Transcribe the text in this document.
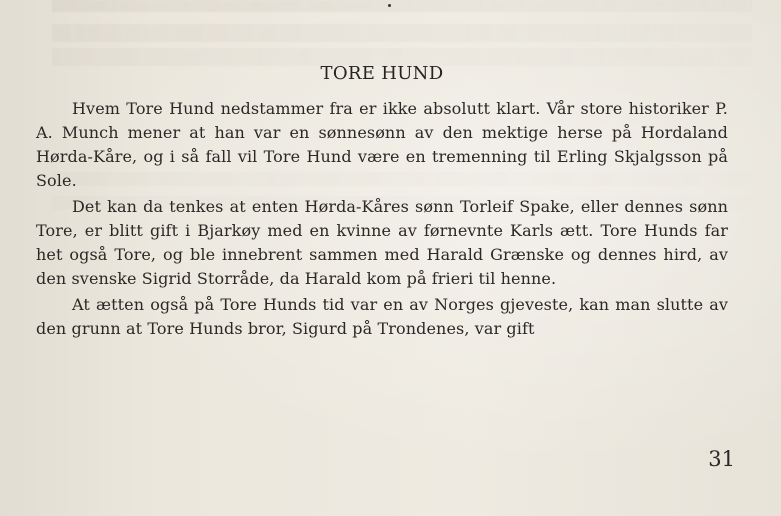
TORE HUND

Hvem Tore Hund nedstammer fra er ikke absolutt klart. Vår store historiker P. A. Munch mener at han var en sønnesønn av den mektige herse på Hordaland Hørda-Kåre, og i så fall vil Tore Hund være en tremenning til Erling Skjalgsson på Sole.

Det kan da tenkes at enten Hørda-Kåres sønn Torleif Spake, eller dennes sønn Tore, er blitt gift i Bjarkøy med en kvinne av førnevnte Karls ætt. Tore Hunds far het også Tore, og ble innebrent sammen med Harald Grænske og dennes hird, av den svenske Sigrid Storråde, da Harald kom på frieri til henne.

At ætten også på Tore Hunds tid var en av Norges gjeveste, kan man slutte av den grunn at Tore Hunds bror, Sigurd på Trondenes, var gift

31
